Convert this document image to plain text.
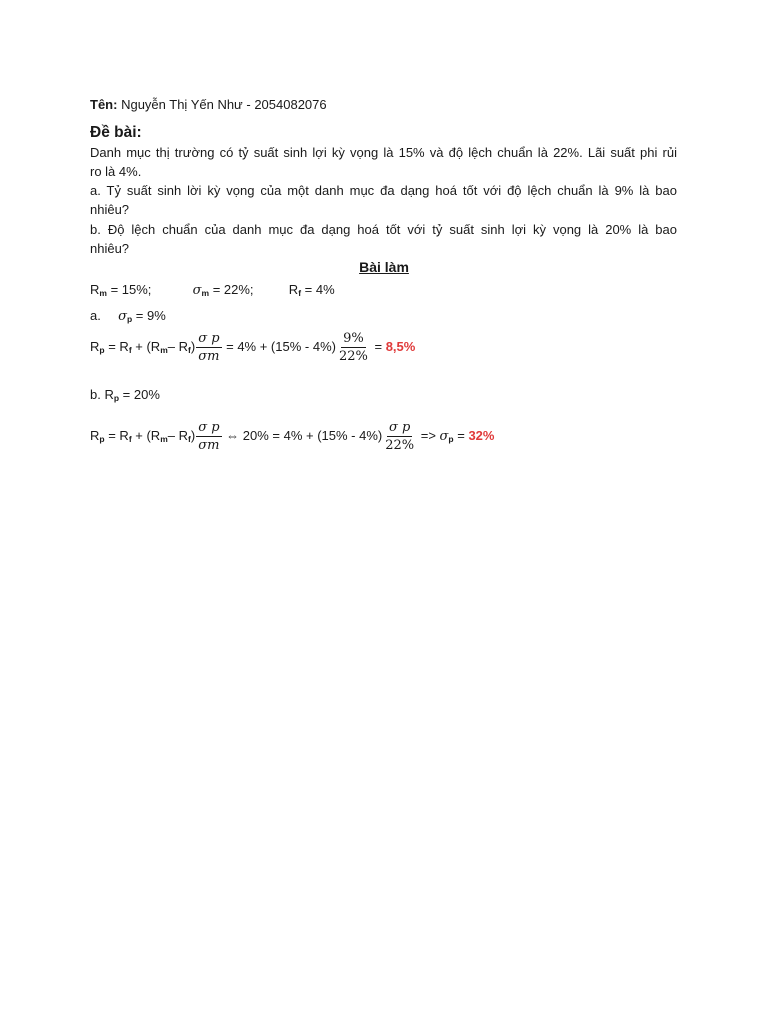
Tên: Nguyễn Thị Yến Như - 2054082076
Đề bài:
Danh mục thị trường có tỷ suất sinh lợi kỳ vọng là 15% và độ lệch chuẩn là 22%. Lãi suất phi rủi
ro là 4%.
a. Tỷ suất sinh lời kỳ vọng của một danh mục đa dạng hoá tốt với độ lệch chuẩn là 9% là bao
nhiêu?
b. Độ lệch chuẩn của danh mục đa dạng hoá tốt với tỷ suất sinh lợi kỳ vọng là 20% là bao
nhiêu?
Bài làm
$R_m = 15\%$;	$\sigma_m = 22\%$;	$R_f = 4\%$
a. $\sigma_p = 9\%$
$R_p = R_f + (R_m-$ $R_f) \frac{\text{σ p}}{\sigma m} = 4\% + (15\% - 4\%) \frac{9\%}{22\%} = 8,5\%$
b. $R_p = 20\%$
$R_p = R_f + (R_m-$ $R_f) \frac{\text{σ p}}{\sigma m}$ ⇔ $20\% = 4\% + (15\% - 4\%) \frac{\text{σ p}}{22\%} => \sigma_p = 32\%$
